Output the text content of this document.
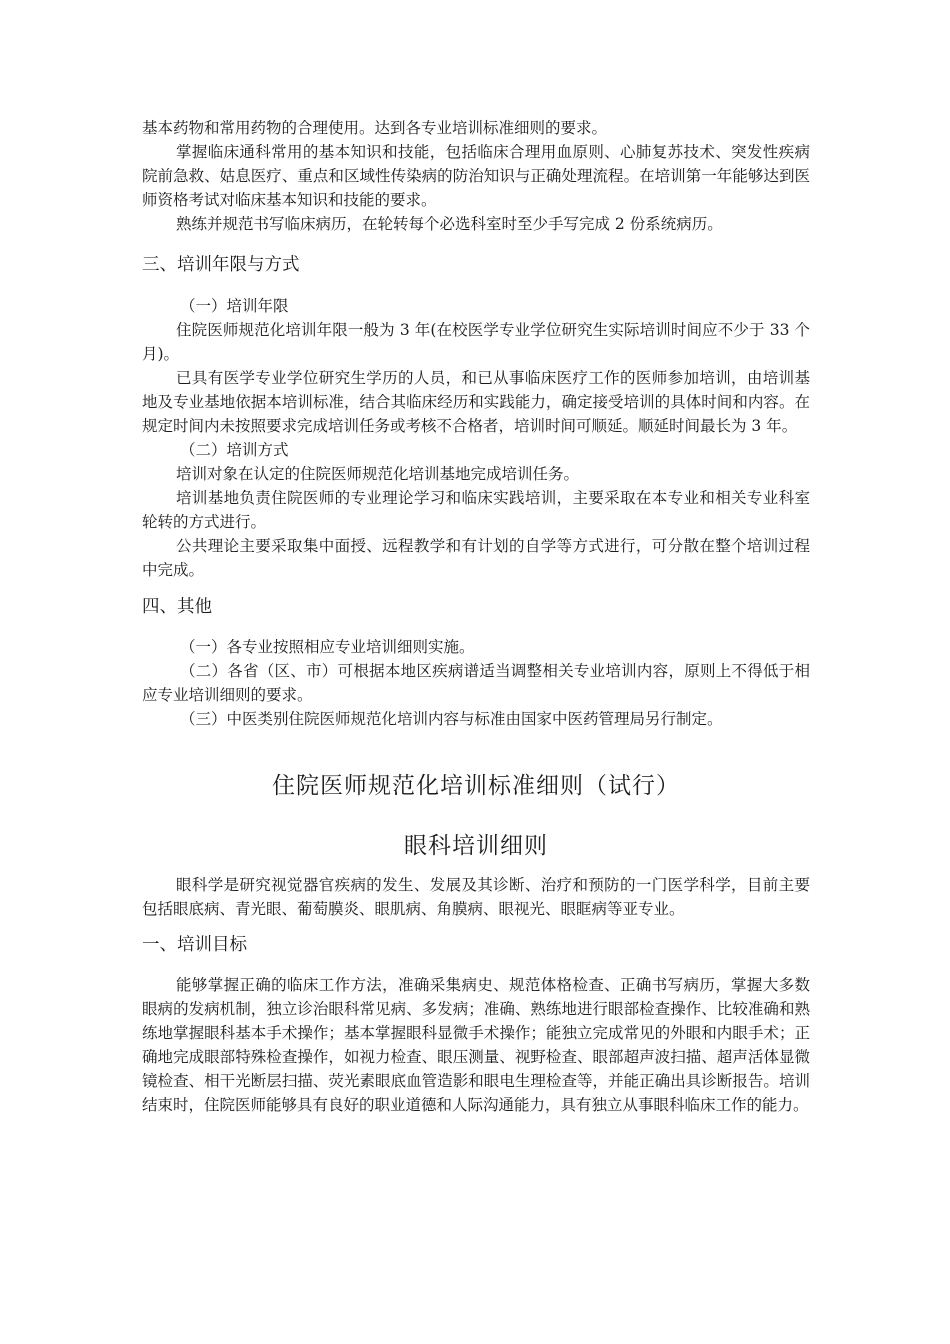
基本药物和常用药物的合理使用。达到各专业培训标准细则的要求。

掌握临床通科常用的基本知识和技能，包括临床合理用血原则、心肺复苏技术、突发性疾病院前急救、姑息医疗、重点和区域性传染病的防治知识与正确处理流程。在培训第一年能够达到医师资格考试对临床基本知识和技能的要求。

熟练并规范书写临床病历，在轮转每个必选科室时至少手写完成 2 份系统病历。

三、培训年限与方式

（一）培训年限

住院医师规范化培训年限一般为 3 年(在校医学专业学位研究生实际培训时间应不少于 33 个月)。

已具有医学专业学位研究生学历的人员，和已从事临床医疗工作的医师参加培训，由培训基地及专业基地依据本培训标准，结合其临床经历和实践能力，确定接受培训的具体时间和内容。在规定时间内未按照要求完成培训任务或考核不合格者，培训时间可顺延。顺延时间最长为 3 年。

（二）培训方式

培训对象在认定的住院医师规范化培训基地完成培训任务。

培训基地负责住院医师的专业理论学习和临床实践培训，主要采取在本专业和相关专业科室轮转的方式进行。

公共理论主要采取集中面授、远程教学和有计划的自学等方式进行，可分散在整个培训过程中完成。

四、其他

（一）各专业按照相应专业培训细则实施。

（二）各省（区、市）可根据本地区疾病谱适当调整相关专业培训内容，原则上不得低于相应专业培训细则的要求。

（三）中医类别住院医师规范化培训内容与标准由国家中医药管理局另行制定。

住院医师规范化培训标准细则（试行）

眼科培训细则

眼科学是研究视觉器官疾病的发生、发展及其诊断、治疗和预防的一门医学科学，目前主要包括眼底病、青光眼、葡萄膜炎、眼肌病、角膜病、眼视光、眼眶病等亚专业。

一、培训目标

能够掌握正确的临床工作方法，准确采集病史、规范体格检查、正确书写病历，掌握大多数眼病的发病机制，独立诊治眼科常见病、多发病；准确、熟练地进行眼部检查操作、比较准确和熟练地掌握眼科基本手术操作；基本掌握眼科显微手术操作；能独立完成常见的外眼和内眼手术；正确地完成眼部特殊检查操作，如视力检查、眼压测量、视野检查、眼部超声波扫描、超声活体显微镜检查、相干光断层扫描、荧光素眼底血管造影和眼电生理检查等，并能正确出具诊断报告。培训结束时，住院医师能够具有良好的职业道德和人际沟通能力，具有独立从事眼科临床工作的能力。
